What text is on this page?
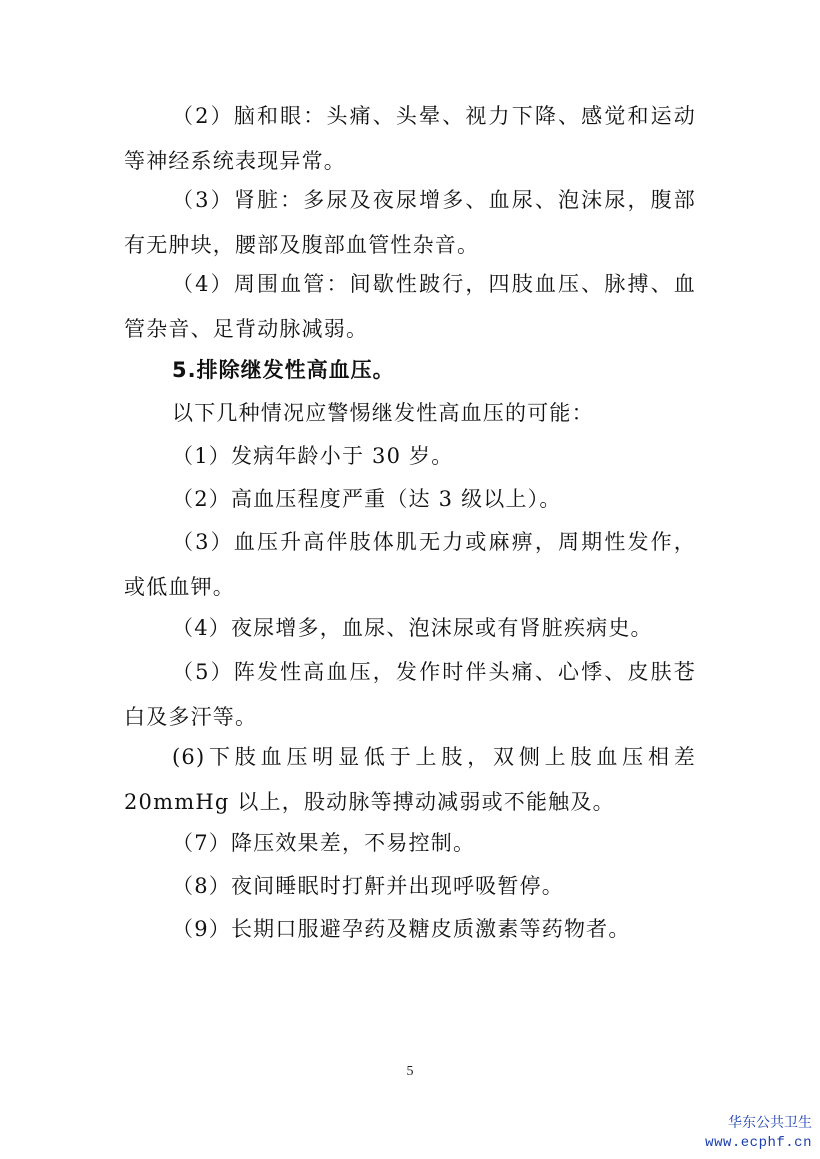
（2）脑和眼：头痛、头晕、视力下降、感觉和运动等神经系统表现异常。

（3）肾脏：多尿及夜尿增多、血尿、泡沫尿，腹部有无肿块，腰部及腹部血管性杂音。

（4）周围血管：间歇性跛行，四肢血压、脉搏、血管杂音、足背动脉减弱。

5.排除继发性高血压。

以下几种情况应警惕继发性高血压的可能：

（1）发病年龄小于 30 岁。

（2）高血压程度严重（达 3 级以上）。

（3）血压升高伴肢体肌无力或麻痹，周期性发作，或低血钾。

（4）夜尿增多，血尿、泡沫尿或有肾脏疾病史。

（5）阵发性高血压，发作时伴头痛、心悸、皮肤苍白及多汗等。

(6)下肢血压明显低于上肢，双侧上肢血压相差 20mmHg 以上，股动脉等搏动减弱或不能触及。

（7）降压效果差，不易控制。

（8）夜间睡眠时打鼾并出现呼吸暂停。

（9）长期口服避孕药及糖皮质激素等药物者。

5
华东公共卫生
www.ecphf.cn
